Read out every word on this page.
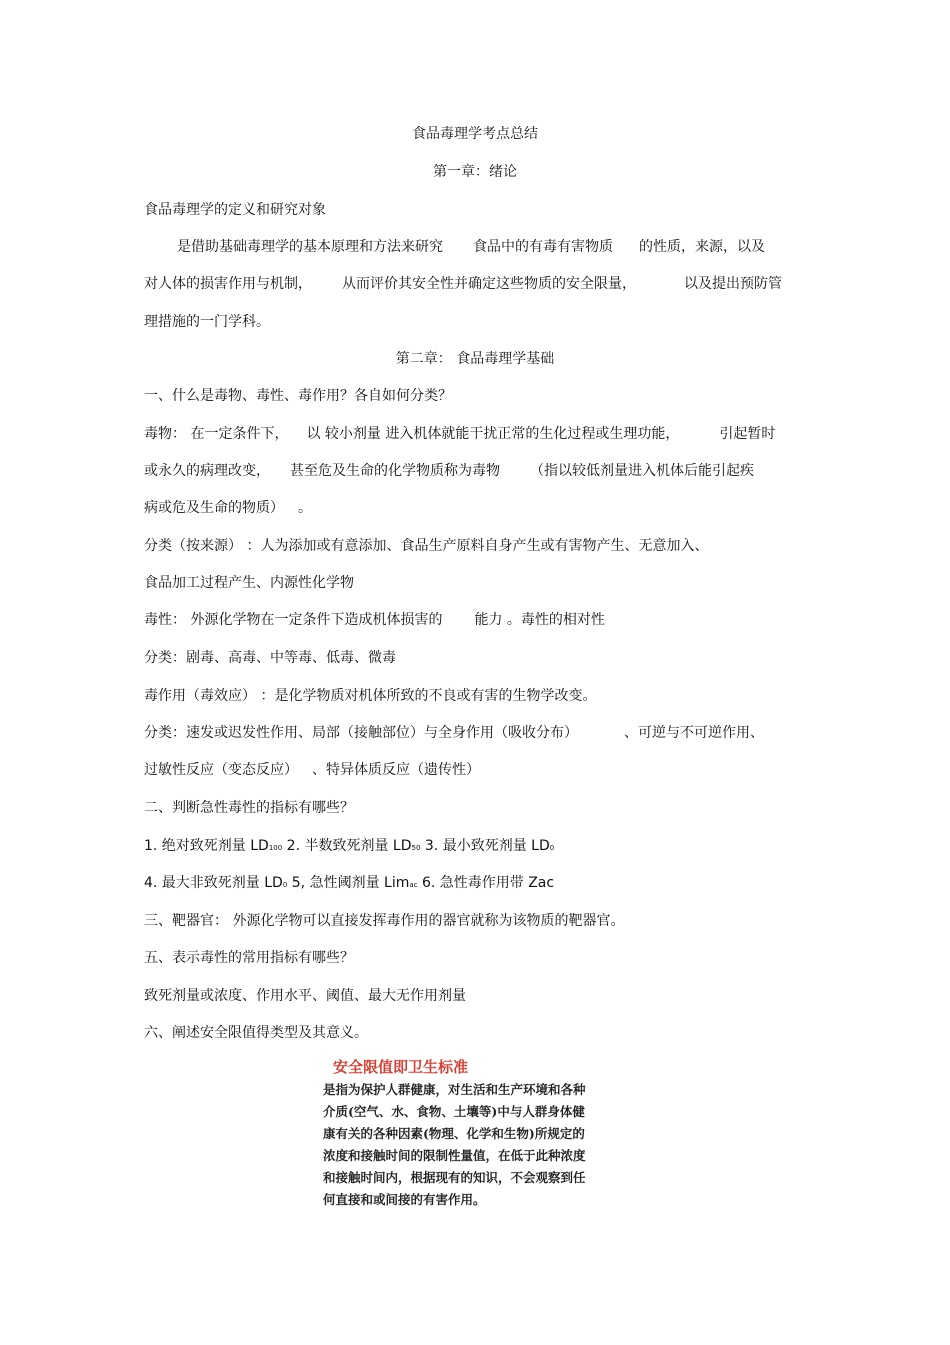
食品毒理学考点总结
第一章：绪论
食品毒理学的定义和研究对象
是借助基础毒理学的基本原理和方法来研究 食品中的有毒有害物质 的性质，来源，以及
对人体的损害作用与机制， 从而评价其安全性并确定这些物质的安全限量，	以及提出预防管
理措施的一门学科。
第二章： 食品毒理学基础
一、什么是毒物、毒性、毒作用？各自如何分类？
毒物： 在一定条件下， 以 较小剂量 进入机体就能干扰正常的生化过程或生理功能，	引起暂时
或永久的病理改变， 甚至危及生命的化学物质称为毒物 （指以较低剂量进入机体后能引起疾
病或危及生命的物质） 。
分类（按来源） ：人为添加或有意添加、食品生产原料自身产生或有害物产生、无意加入、
食品加工过程产生、内源性化学物
毒性： 外源化学物在一定条件下造成机体损害的 能力 。毒性的相对性
分类：剧毒、高毒、中等毒、低毒、微毒
毒作用（毒效应） ：是化学物质对机体所致的不良或有害的生物学改变。
分类：速发或迟发性作用、局部（接触部位）与全身作用（吸收分布）	、可逆与不可逆作用、
过敏性反应（变态反应） 、特异体质反应（遗传性）
二、判断急性毒性的指标有哪些？
1. 绝对致死剂量 LD100 2. 半数致死剂量 LD50 3. 最小致死剂量 LD0
4. 最大非致死剂量 LD0 5, 急性阈剂量 Limac 6. 急性毒作用带 Zac
三、靶器官： 外源化学物可以直接发挥毒作用的器官就称为该物质的靶器官。
五、表示毒性的常用指标有哪些？
致死剂量或浓度、作用水平、阈值、最大无作用剂量
六、阐述安全限值得类型及其意义。
安全限值即卫生标准
是指为保护人群健康，对生活和生产环境和各种
介质(空气、水、食物、土壤等)中与人群身体健
康有关的各种因素(物理、化学和生物)所规定的
浓度和接触时间的限制性量值，在低于此种浓度
和接触时间内，根据现有的知识，不会观察到任
何直接和或间接的有害作用。
